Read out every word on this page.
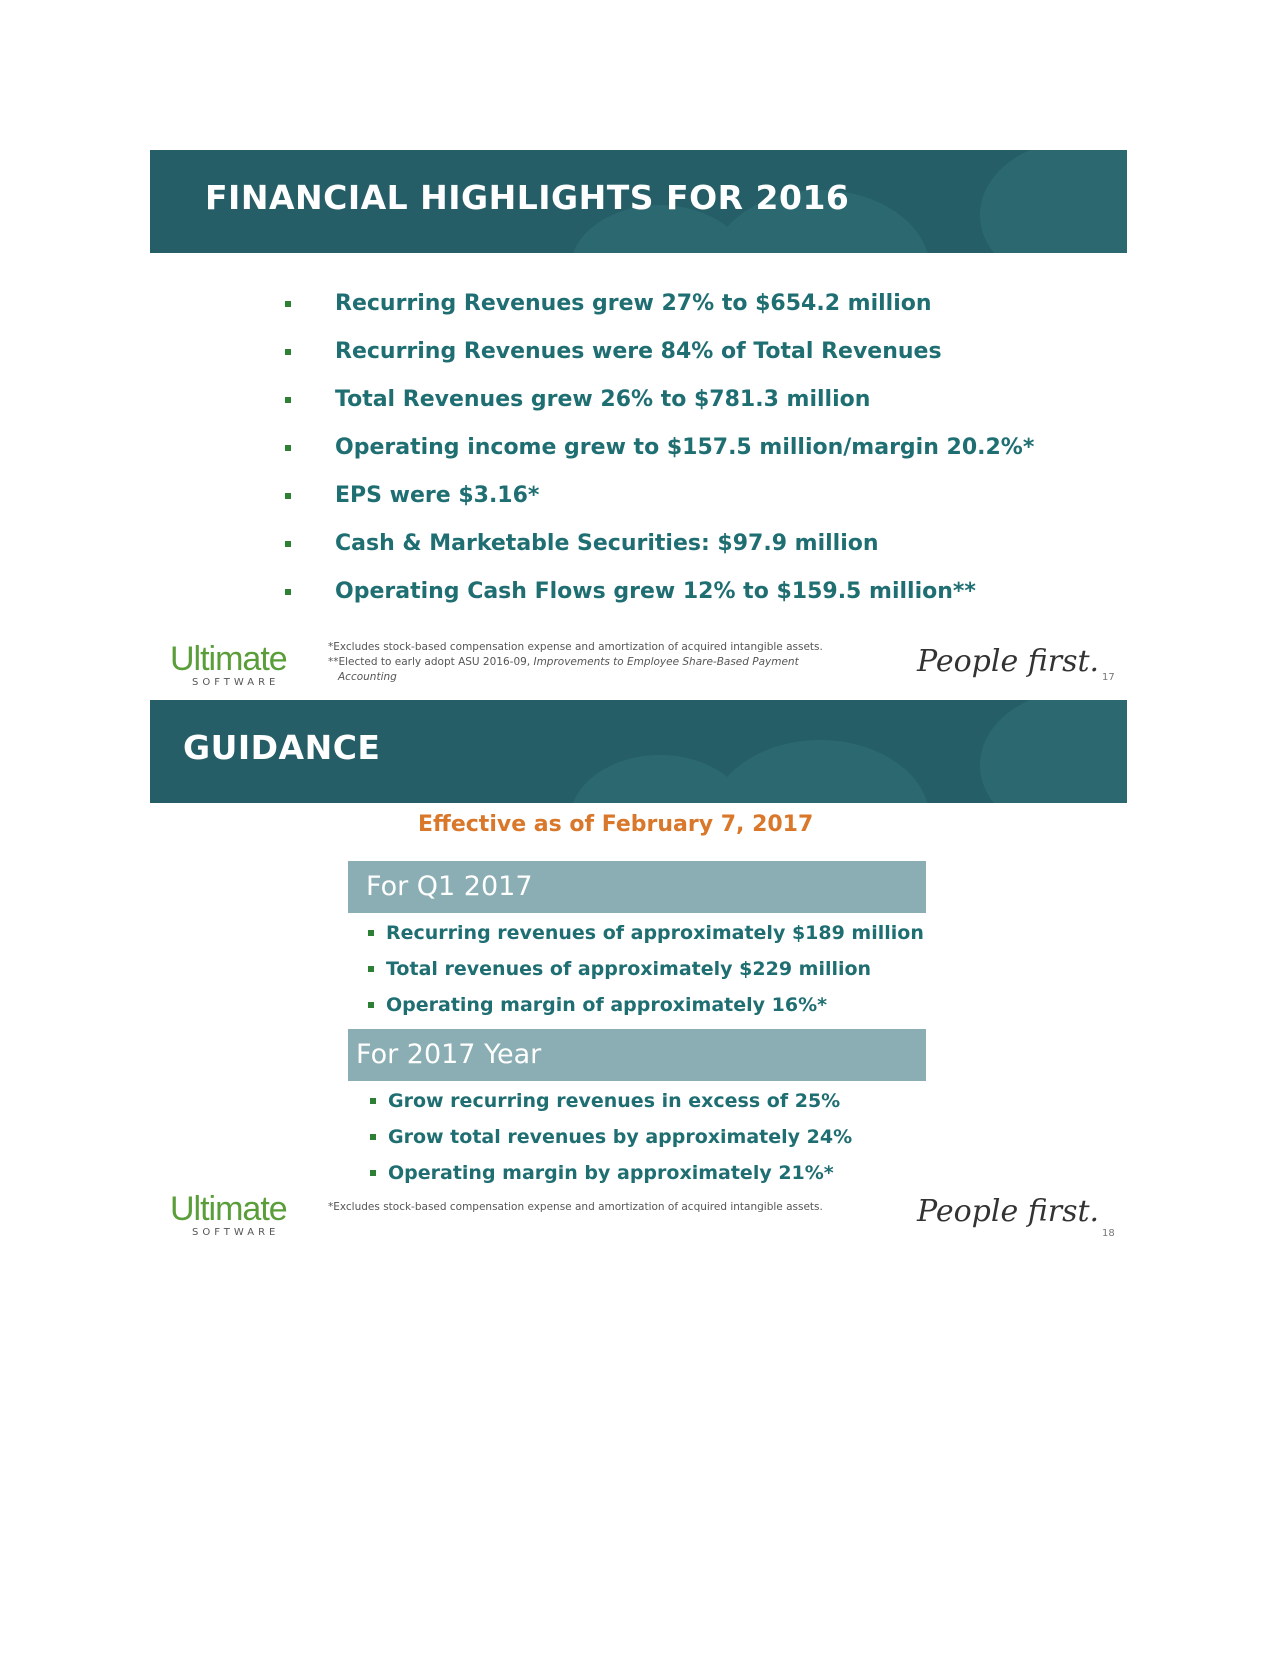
FINANCIAL HIGHLIGHTS FOR 2016
Recurring Revenues grew 27% to $654.2 million
Recurring Revenues were 84% of Total Revenues
Total Revenues grew 26% to $781.3 million
Operating income grew to $157.5 million/margin 20.2%*
EPS were $3.16*
Cash & Marketable Securities: $97.9 million
Operating Cash Flows grew 12% to $159.5 million**
Ultimate
SOFTWARE
*Excludes stock-based compensation expense and amortization of acquired intangible assets.
**Elected to early adopt ASU 2016-09, Improvements to Employee Share-Based Payment
Accounting	People first. 17
GUIDANCE
Effective as of February 7, 2017
For Q1 2017
Recurring revenues of approximately $189 million
Total revenues of approximately $229 million
Operating margin of approximately 16%*
For 2017 Year
Grow recurring revenues in excess of 25%
Grow total revenues by approximately 24%
Operating margin by approximately 21%*
Ultimate
SOFTWARE
*Excludes stock-based compensation expense and amortization of acquired intangible assets.	People first.
18
